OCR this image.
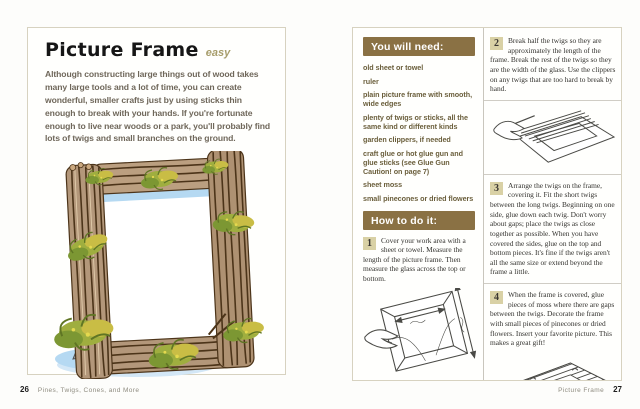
Picture Frame easy

Although constructing large things out of wood takes many large tools and a lot of time, you can create wonderful, smaller crafts just by using sticks thin enough to break with your hands. If you're fortunate enough to live near woods or a park, you'll probably find lots of twigs and small branches on the ground.

You will need:
old sheet or towel
ruler
plain picture frame with smooth, wide edges
plenty of twigs or sticks, all the same kind or different kinds
garden clippers, if needed
craft glue or hot glue gun and glue sticks (see Glue Gun Caution! on page 7)
sheet moss
small pinecones or dried flowers
How to do it:
1	Cover your work area with a sheet or towel. Measure the length of the picture frame. Then measure the glass across the top or bottom.
2	Break half the twigs so they are approximately the length of the frame. Break the rest of the twigs so they are the width of the glass. Use the clippers on any twigs that are too hard to break by hand.
3	Arrange the twigs on the frame, covering it. Fit the short twigs between the long twigs. Beginning on one side, glue down each twig. Don't worry about gaps; place the twigs as close together as possible. When you have covered the sides, glue on the top and bottom pieces. It's fine if the twigs aren't all the same size or extend beyond the frame a little.
4	When the frame is covered, glue pieces of moss where there are gaps between the twigs. Decorate the frame with small pieces of pinecones or dried flowers. Insert your favorite picture. This makes a great gift!
26 Pines, Twigs, Cones, and More	Picture Frame 27
